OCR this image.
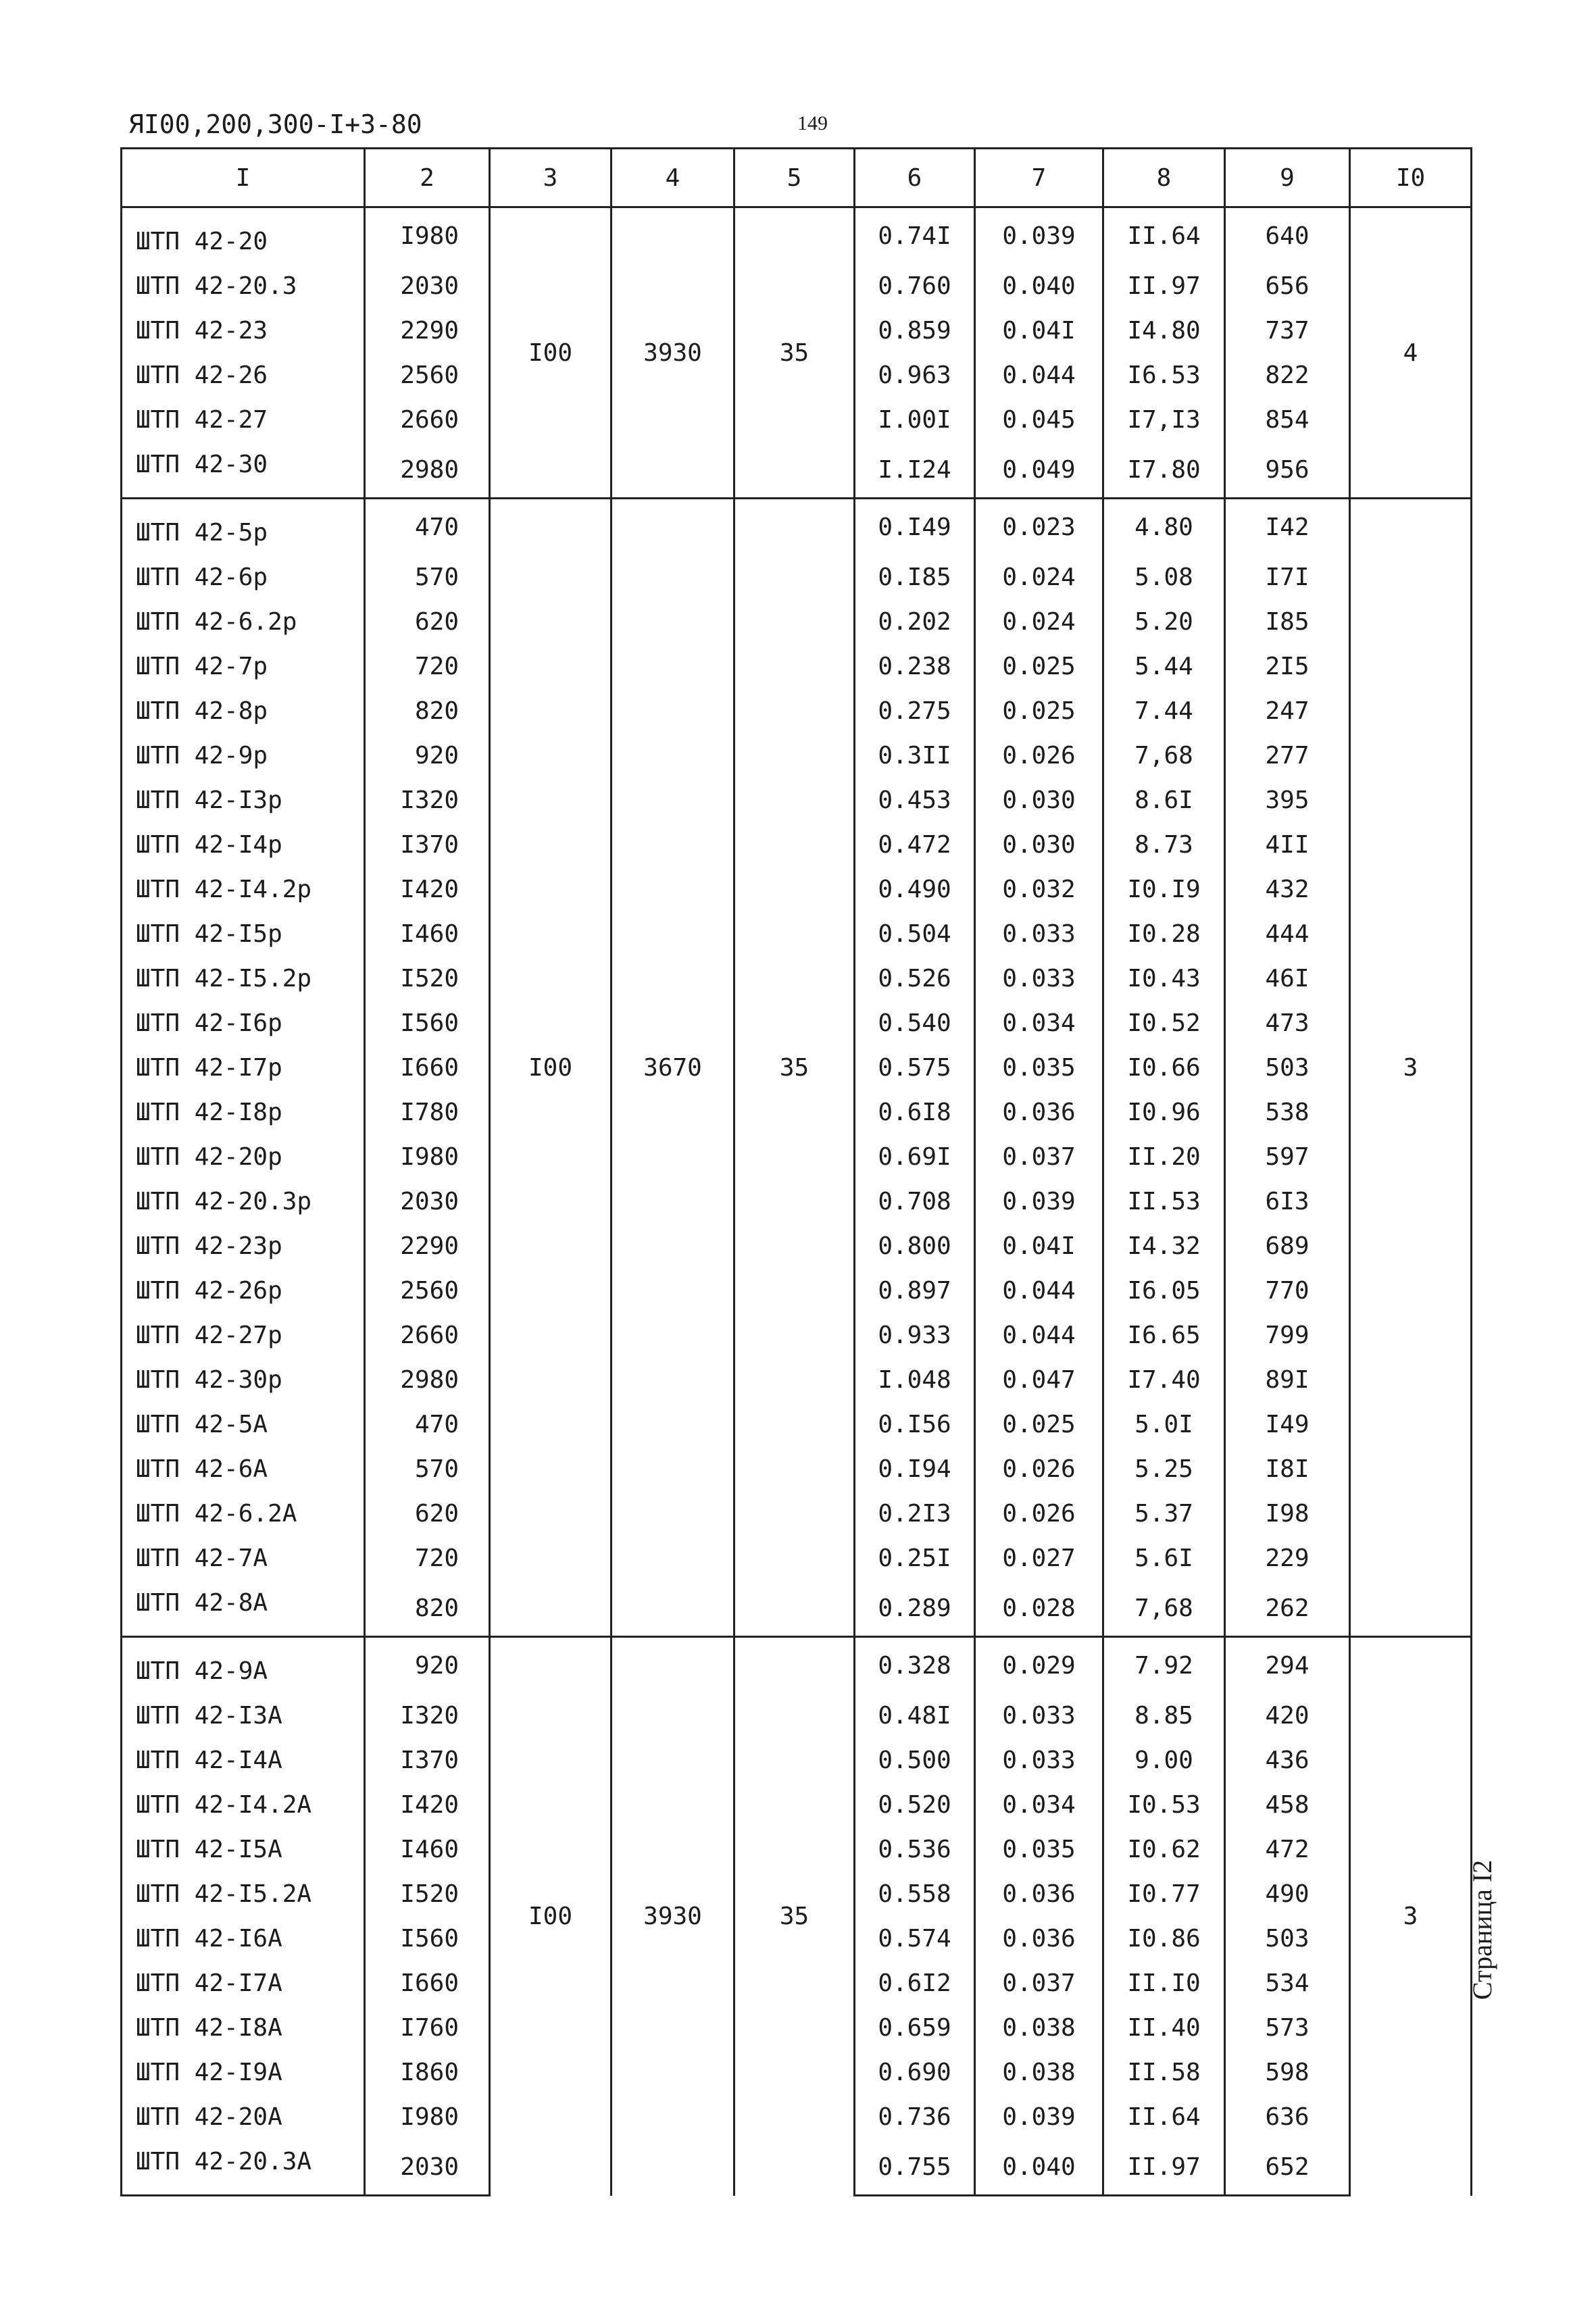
ЯI00,200,300-I+3-80	149
Страница I2
I	2	3	4	5	6	7	8	9	I0
ШТП 42-20	I980	I00	3930	35	0.74I	0.039	II.64	640	4
ШТП 42-20.3	2030				0.760	0.040	II.97	656	
ШТП 42-23	2290				0.859	0.04I	I4.80	737	
ШТП 42-26	2560				0.963	0.044	I6.53	822	
ШТП 42-27	2660				I.00I	0.045	I7,I3	854	
ШТП 42-30	2980				I.I24	0.049	I7.80	956	
ШТП 42-5р	470	I00	3670	35	0.I49	0.023	4.80	I42	3
ШТП 42-6р	570				0.I85	0.024	5.08	I7I	
ШТП 42-6.2р	620				0.202	0.024	5.20	I85	
ШТП 42-7р	720				0.238	0.025	5.44	2I5	
ШТП 42-8р	820				0.275	0.025	7.44	247	
ШТП 42-9р	920				0.3II	0.026	7,68	277	
ШТП 42-I3р	I320				0.453	0.030	8.6I	395	
ШТП 42-I4р	I370				0.472	0.030	8.73	4II	
ШТП 42-I4.2р	I420				0.490	0.032	I0.I9	432	
ШТП 42-I5р	I460				0.504	0.033	I0.28	444	
ШТП 42-I5.2р	I520				0.526	0.033	I0.43	46I	
ШТП 42-I6р	I560				0.540	0.034	I0.52	473	
ШТП 42-I7р	I660				0.575	0.035	I0.66	503	
ШТП 42-I8р	I780				0.6I8	0.036	I0.96	538	
ШТП 42-20р	I980				0.69I	0.037	II.20	597	
ШТП 42-20.3р	2030				0.708	0.039	II.53	6I3	
ШТП 42-23р	2290				0.800	0.04I	I4.32	689	
ШТП 42-26р	2560				0.897	0.044	I6.05	770	
ШТП 42-27р	2660				0.933	0.044	I6.65	799	
ШТП 42-30р	2980				I.048	0.047	I7.40	89I	
ШТП 42-5А	470				0.I56	0.025	5.0I	I49	
ШТП 42-6А	570				0.I94	0.026	5.25	I8I	
ШТП 42-6.2А	620				0.2I3	0.026	5.37	I98	
ШТП 42-7А	720				0.25I	0.027	5.6I	229	
ШТП 42-8А	820				0.289	0.028	7,68	262	
ШТП 42-9А	920	I00	3930	35	0.328	0.029	7.92	294	3
ШТП 42-I3А	I320				0.48I	0.033	8.85	420	
ШТП 42-I4А	I370				0.500	0.033	9.00	436	
ШТП 42-I4.2А	I420				0.520	0.034	I0.53	458	
ШТП 42-I5А	I460				0.536	0.035	I0.62	472	
ШТП 42-I5.2А	I520				0.558	0.036	I0.77	490	
ШТП 42-I6А	I560				0.574	0.036	I0.86	503	
ШТП 42-I7А	I660				0.6I2	0.037	II.I0	534	
ШТП 42-I8А	I760				0.659	0.038	II.40	573	
ШТП 42-I9А	I860				0.690	0.038	II.58	598	
ШТП 42-20А	I980				0.736	0.039	II.64	636	
ШТП 42-20.3А	2030				0.755	0.040	II.97	652	
